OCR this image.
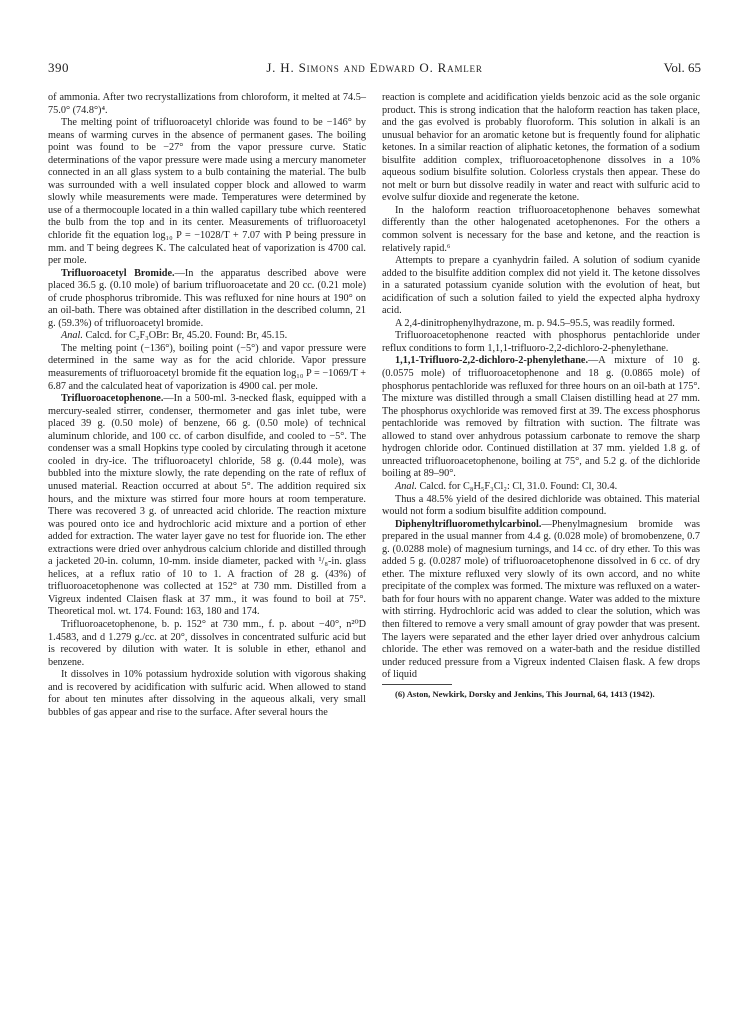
390	J. H. Simons and Edward O. Ramler	Vol. 65

of ammonia. After two recrystallizations from chloroform, it melted at 74.5–75.0° (74.8°)⁴.

The melting point of trifluoroacetyl chloride was found to be −146° by means of warming curves in the absence of permanent gases. The boiling point was found to be −27° from the vapor pressure curve. Static determinations of the vapor pressure were made using a mercury manometer connected in an all glass system to a bulb containing the material. The bulb was surrounded with a well insulated copper block and allowed to warm slowly while measurements were made. Temperatures were determined by use of a thermocouple located in a thin walled capillary tube which reentered the bulb from the top and in its center. Measurements of trifluoroacetyl chloride fit the equation log₁₀ P = −1028/T + 7.07 with P being pressure in mm. and T being degrees K. The calculated heat of vaporization is 4700 cal. per mole.

Trifluoroacetyl Bromide.—In the apparatus described above were placed 36.5 g. (0.10 mole) of barium trifluoroacetate and 20 cc. (0.21 mole) of crude phosphorus tribromide. This was refluxed for nine hours at 190° on an oil-bath. There was obtained after distillation in the described column, 21 g. (59.3%) of trifluoroacetyl bromide.

Anal. Calcd. for C₂F₃OBr: Br, 45.20. Found: Br, 45.15.

The melting point (−136°), boiling point (−5°) and vapor pressure were determined in the same way as for the acid chloride. Vapor pressure measurements of trifluoroacetyl bromide fit the equation log₁₀ P = −1069/T + 6.87 and the calculated heat of vaporization is 4900 cal. per mole.

Trifluoroacetophenone.—In a 500-ml. 3-necked flask, equipped with a mercury-sealed stirrer, condenser, thermometer and gas inlet tube, were placed 39 g. (0.50 mole) of benzene, 66 g. (0.50 mole) of technical aluminum chloride, and 100 cc. of carbon disulfide, and cooled to −5°. The condenser was a small Hopkins type cooled by circulating through it acetone cooled in dry-ice. The trifluoroacetyl chloride, 58 g. (0.44 mole), was bubbled into the mixture slowly, the rate depending on the rate of reflux of unused material. Reaction occurred at about 5°. The addition required six hours, and the mixture was stirred four more hours at room temperature. There was recovered 3 g. of unreacted acid chloride. The reaction mixture was poured onto ice and hydrochloric acid mixture and a portion of ether added for extraction. The water layer gave no test for fluoride ion. The ether extractions were dried over anhydrous calcium chloride and distilled through a jacketed 20-in. column, 10-mm. inside diameter, packed with ¹/₈-in. glass helices, at a reflux ratio of 10 to 1. A fraction of 28 g. (43%) of trifluoroacetophenone was collected at 152° at 730 mm. Distilled from a Vigreux indented Claisen flask at 37 mm., it was found to boil at 75°. Theoretical mol. wt. 174. Found: 163, 180 and 174.

Trifluoroacetophenone, b. p. 152° at 730 mm., f. p. about −40°, n²⁰D 1.4583, and d 1.279 g./cc. at 20°, dissolves in concentrated sulfuric acid but is recovered by dilution with water. It is soluble in ether, ethanol and benzene.

It dissolves in 10% potassium hydroxide solution with vigorous shaking and is recovered by acidification with sulfuric acid. When allowed to stand for about ten minutes after dissolving in the aqueous alkali, very small bubbles of gas appear and rise to the surface. After several hours the

reaction is complete and acidification yields benzoic acid as the sole organic product. This is strong indication that the haloform reaction has taken place, and the gas evolved is probably fluoroform. This solution in alkali is an unusual behavior for an aromatic ketone but is frequently found for aliphatic ketones. In a similar reaction of aliphatic ketones, the formation of a sodium bisulfite addition complex, trifluoroacetophenone dissolves in a 10% aqueous sodium bisulfite solution. Colorless crystals then appear. These do not melt or burn but dissolve readily in water and react with sulfuric acid to evolve sulfur dioxide and regenerate the ketone.

In the haloform reaction trifluoroacetophenone behaves somewhat differently than the other halogenated acetophenones. For the others a common solvent is necessary for the base and ketone, and the reaction is relatively rapid.⁶

Attempts to prepare a cyanhydrin failed. A solution of sodium cyanide added to the bisulfite addition complex did not yield it. The ketone dissolves in a saturated potassium cyanide solution with the evolution of heat, but acidification of such a solution failed to yield the expected alpha hydroxy acid.

A 2,4-dinitrophenylhydrazone, m. p. 94.5–95.5, was readily formed.

Trifluoroacetophenone reacted with phosphorus pentachloride under reflux conditions to form 1,1,1-trifluoro-2,2-dichloro-2-phenylethane.

1,1,1-Trifluoro-2,2-dichloro-2-phenylethane.—A mixture of 10 g. (0.0575 mole) of trifluoroacetophenone and 18 g. (0.0865 mole) of phosphorus pentachloride was refluxed for three hours on an oil-bath at 175°. The mixture was distilled through a small Claisen distilling head at 27 mm. The phosphorus oxychloride was removed first at 39. The excess phosphorus pentachloride was removed by filtration with suction. The filtrate was allowed to stand over anhydrous potassium carbonate to remove the sharp hydrogen chloride odor. Continued distillation at 37 mm. yielded 1.8 g. of unreacted trifluoroacetophenone, boiling at 75°, and 5.2 g. of the dichloride boiling at 89–90°.

Anal. Calcd. for C₈H₅F₃Cl₂: Cl, 31.0. Found: Cl, 30.4.

Thus a 48.5% yield of the desired dichloride was obtained. This material would not form a sodium bisulfite addition compound.

Diphenyltrifluoromethylcarbinol.—Phenylmagnesium bromide was prepared in the usual manner from 4.4 g. (0.028 mole) of bromobenzene, 0.7 g. (0.0288 mole) of magnesium turnings, and 14 cc. of dry ether. To this was added 5 g. (0.0287 mole) of trifluoroacetophenone dissolved in 6 cc. of dry ether. The mixture refluxed very slowly of its own accord, and no white precipitate of the complex was formed. The mixture was refluxed on a water-bath for four hours with no apparent change. Water was added to the mixture with stirring. Hydrochloric acid was added to clear the solution, which was then filtered to remove a very small amount of gray powder that was present. The layers were separated and the ether layer dried over anhydrous calcium chloride. The ether was removed on a water-bath and the residue distilled under reduced pressure from a Vigreux indented Claisen flask. A few drops of liquid

(6) Aston, Newkirk, Dorsky and Jenkins, This Journal, 64, 1413 (1942).
